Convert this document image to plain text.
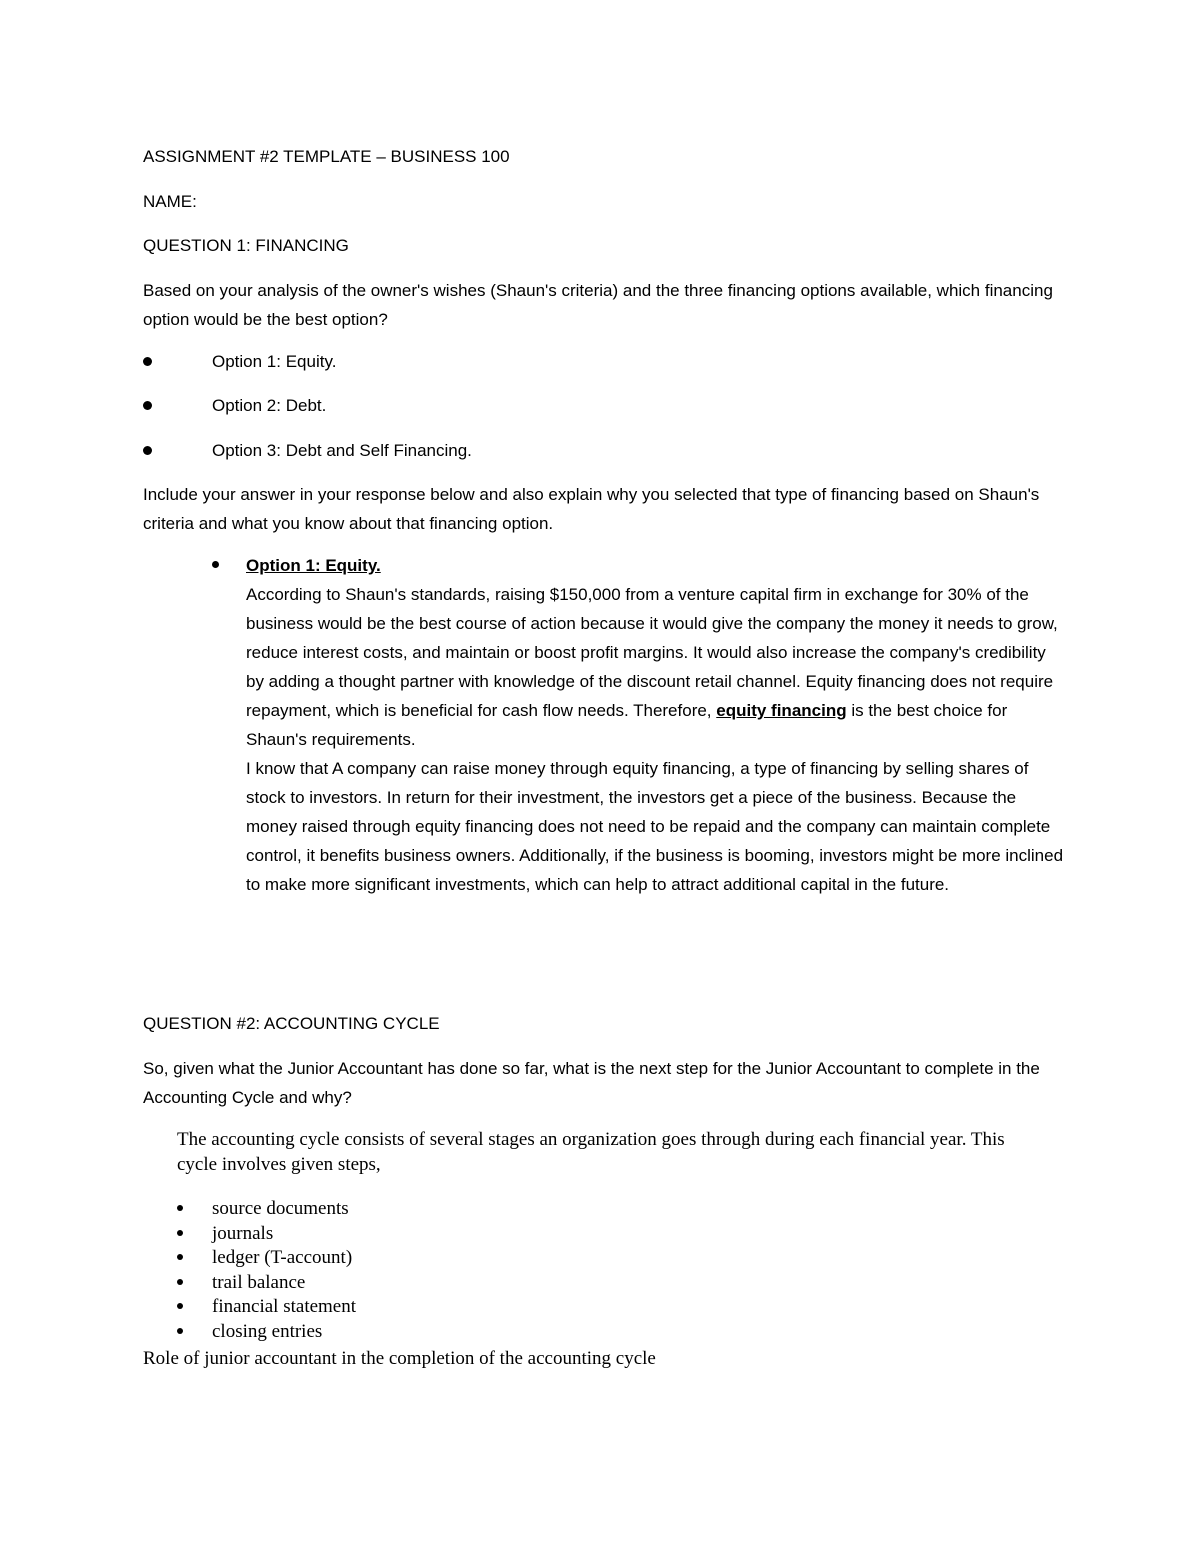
ASSIGNMENT #2 TEMPLATE – BUSINESS 100
NAME:
QUESTION 1: FINANCING

Based on your analysis of the owner's wishes (Shaun's criteria) and the three financing options available, which financing option would be the best option?

Option 1: Equity.
Option 2: Debt.
Option 3: Debt and Self Financing.

Include your answer in your response below and also explain why you selected that type of financing based on Shaun's criteria and what you know about that financing option.

Option 1: Equity.

According to Shaun's standards, raising $150,000 from a venture capital firm in exchange for 30% of the business would be the best course of action because it would give the company the money it needs to grow, reduce interest costs, and maintain or boost profit margins. It would also increase the company's credibility by adding a thought partner with knowledge of the discount retail channel. Equity financing does not require repayment, which is beneficial for cash flow needs. Therefore, equity financing is the best choice for Shaun's requirements.

I know that A company can raise money through equity financing, a type of financing by selling shares of stock to investors. In return for their investment, the investors get a piece of the business. Because the money raised through equity financing does not need to be repaid and the company can maintain complete control, it benefits business owners. Additionally, if the business is booming, investors might be more inclined to make more significant investments, which can help to attract additional capital in the future.

QUESTION #2: ACCOUNTING CYCLE

So, given what the Junior Accountant has done so far, what is the next step for the Junior Accountant to complete in the Accounting Cycle and why?

The accounting cycle consists of several stages an organization goes through during each financial year. This cycle involves given steps,

source documents
journals
ledger (T-account)
trail balance
financial statement
closing entries
Role of junior accountant in the completion of the accounting cycle
